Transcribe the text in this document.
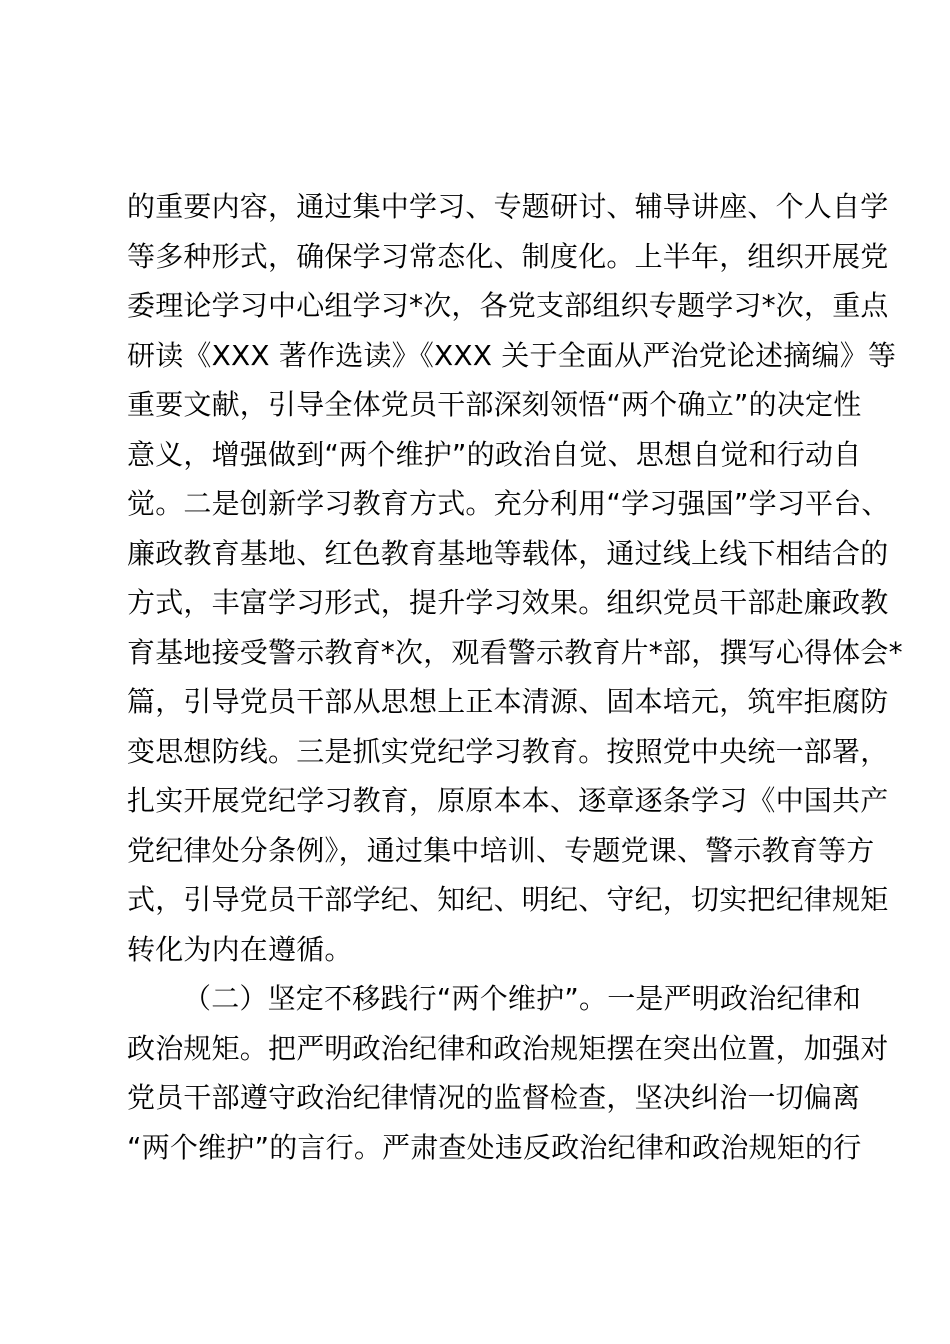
的重要内容，通过集中学习、专题研讨、辅导讲座、个人自学
等多种形式，确保学习常态化、制度化。上半年，组织开展党
委理论学习中心组学习*次，各党支部组织专题学习*次，重点
研读《XXX 著作选读》《XXX 关于全面从严治党论述摘编》等
重要文献，引导全体党员干部深刻领悟“两个确立”的决定性
意义，增强做到“两个维护”的政治自觉、思想自觉和行动自
觉。二是创新学习教育方式。充分利用“学习强国”学习平台、
廉政教育基地、红色教育基地等载体，通过线上线下相结合的
方式，丰富学习形式，提升学习效果。组织党员干部赴廉政教
育基地接受警示教育*次，观看警示教育片*部，撰写心得体会*
篇，引导党员干部从思想上正本清源、固本培元，筑牢拒腐防
变思想防线。三是抓实党纪学习教育。按照党中央统一部署，
扎实开展党纪学习教育，原原本本、逐章逐条学习《中国共产
党纪律处分条例》，通过集中培训、专题党课、警示教育等方
式，引导党员干部学纪、知纪、明纪、守纪，切实把纪律规矩
转化为内在遵循。
（二）坚定不移践行“两个维护”。一是严明政治纪律和
政治规矩。把严明政治纪律和政治规矩摆在突出位置，加强对
党员干部遵守政治纪律情况的监督检查，坚决纠治一切偏离
“两个维护”的言行。严肃查处违反政治纪律和政治规矩的行
